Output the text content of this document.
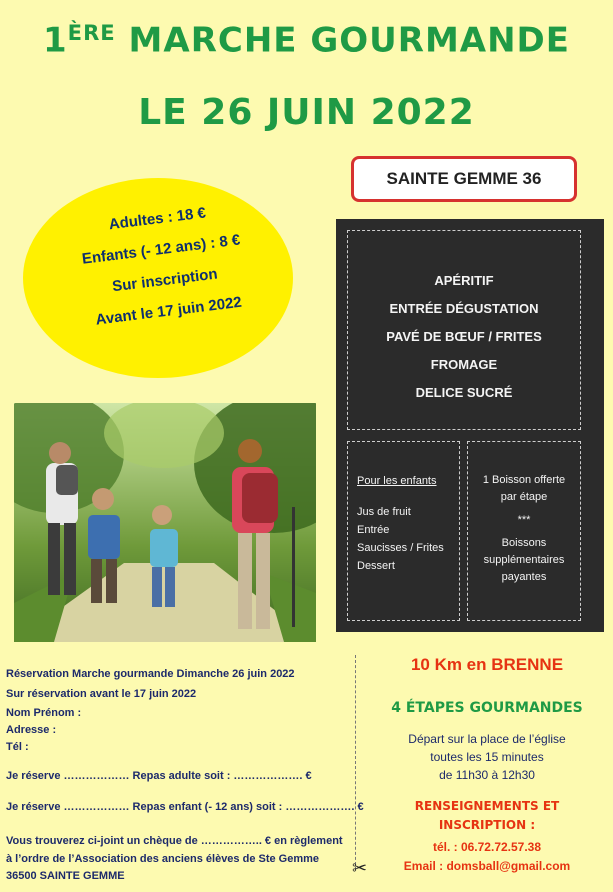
1ÈRE MARCHE GOURMANDE
LE 26 JUIN 2022
SAINTE GEMME 36
Adultes : 18 €
Enfants (- 12 ans) : 8 €
Sur inscription
Avant le 17 juin 2022
APÉRITIF
ENTRÉE DÉGUSTATION
PAVÉ DE BŒUF / FRITES
FROMAGE
DELICE SUCRÉ
Pour les enfants
Jus de fruit
Entrée
Saucisses / Frites
Dessert
1 Boisson offerte
par étape
***
Boissons
supplémentaires
payantes
Réservation Marche gourmande Dimanche 26 juin 2022
Sur réservation avant le 17 juin 2022
Nom Prénom :
Adresse :
Tél :
Je réserve ……………… Repas adulte soit : ………………. €
Je réserve ……………… Repas enfant (- 12 ans) soit : ………………. €
Vous trouverez ci-joint un chèque de …………….. € en règlement
à l’ordre de l’Association des anciens élèves de Ste Gemme
36500 SAINTE GEMME	✂
10 Km en BRENNE
4 ÉTAPES GOURMANDES
Départ sur la place de l’église
toutes les 15 minutes
de 11h30 à 12h30
RENSEIGNEMENTS ET
INSCRIPTION :
tél. : 06.72.72.57.38
Email : domsball@gmail.com
